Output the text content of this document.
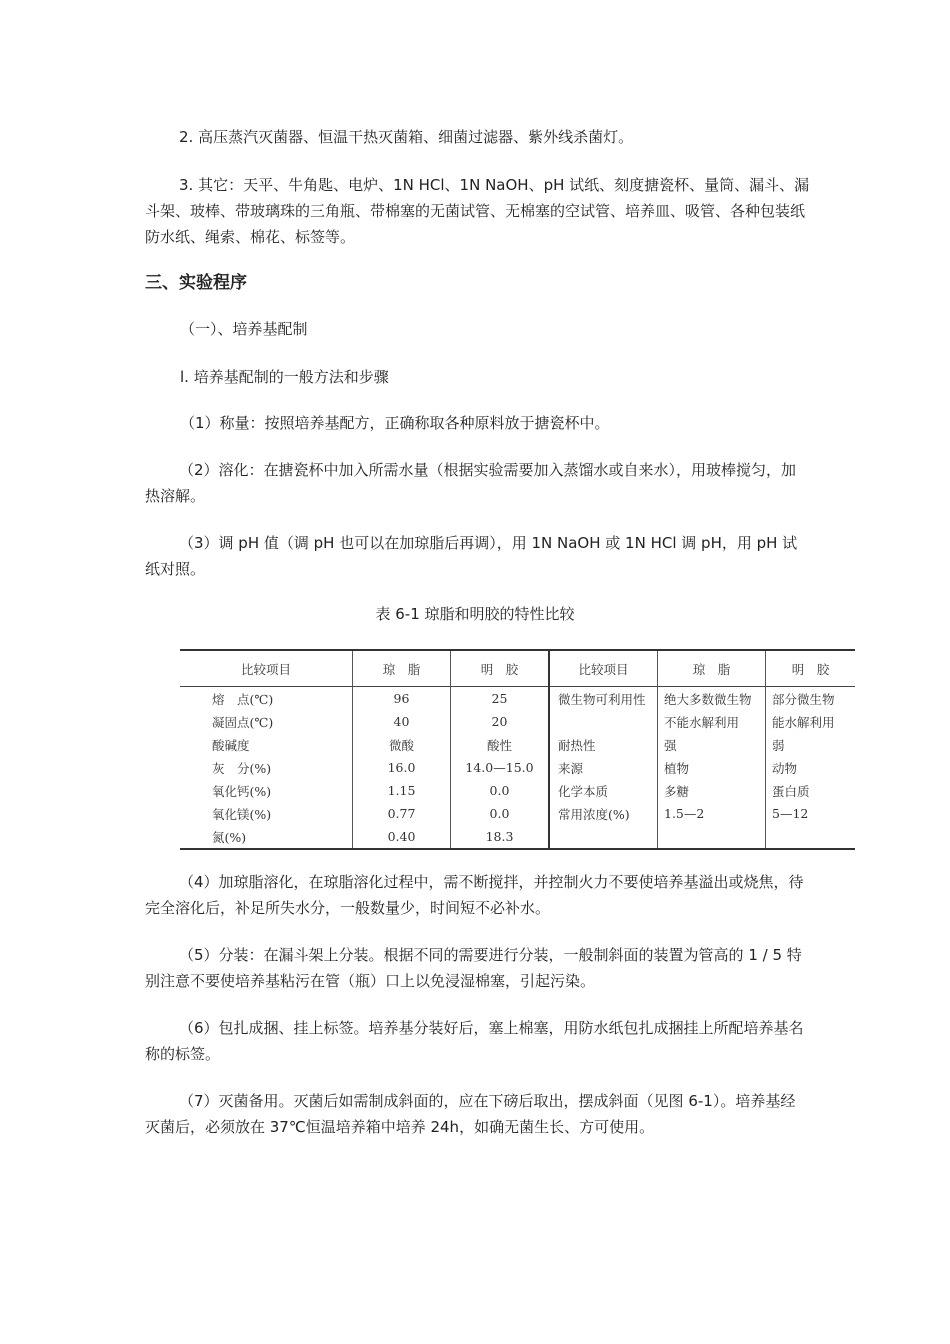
2. 高压蒸汽灭菌器、恒温干热灭菌箱、细菌过滤器、紫外线杀菌灯。
3. 其它：天平、牛角匙、电炉、1N HCl、1N NaOH、pH 试纸、刻度搪瓷杯、量筒、漏斗、漏斗架、玻棒、带玻璃珠的三角瓶、带棉塞的无菌试管、无棉塞的空试管、培养皿、吸管、各种包装纸防水纸、绳索、棉花、标签等。
三、实验程序
（一）、培养基配制
l. 培养基配制的一般方法和步骤
（1）称量：按照培养基配方，正确称取各种原料放于搪瓷杯中。
（2）溶化：在搪瓷杯中加入所需水量（根据实验需要加入蒸馏水或自来水），用玻棒搅匀，加热溶解。
（3）调 pH 值（调 pH 也可以在加琼脂后再调），用 1N NaOH 或 1N HCl 调 pH，用 pH 试纸对照。
表 6-1 琼脂和明胶的特性比较
比较项目	琼　脂	明　胶	比较项目	琼　脂	明　胶
熔　点(℃)	96	25	微生物可利用性	绝大多数微生物	部分微生物
凝固点(℃)	40	20		不能水解利用	能水解利用
酸碱度	微酸	酸性	耐热性	强	弱
灰　分(%)	16.0	14.0—15.0	来源	植物	动物
氧化钙(%)	1.15	0.0	化学本质	多糖	蛋白质
氧化镁(%)	0.77	0.0	常用浓度(%)	1.5—2	5—12
氮(%)	0.40	18.3			
（4）加琼脂溶化，在琼脂溶化过程中，需不断搅拌，并控制火力不要使培养基溢出或烧焦，待完全溶化后，补足所失水分，一般数量少，时间短不必补水。
（5）分装：在漏斗架上分装。根据不同的需要进行分装，一般制斜面的装置为管高的 1 / 5 特别注意不要使培养基粘污在管（瓶）口上以免浸湿棉塞，引起污染。
（6）包扎成捆、挂上标签。培养基分装好后，塞上棉塞，用防水纸包扎成捆挂上所配培养基名称的标签。
（7）灭菌备用。灭菌后如需制成斜面的，应在下磅后取出，摆成斜面（见图 6-1）。培养基经灭菌后，必须放在 37℃恒温培养箱中培养 24h，如确无菌生长、方可使用。
